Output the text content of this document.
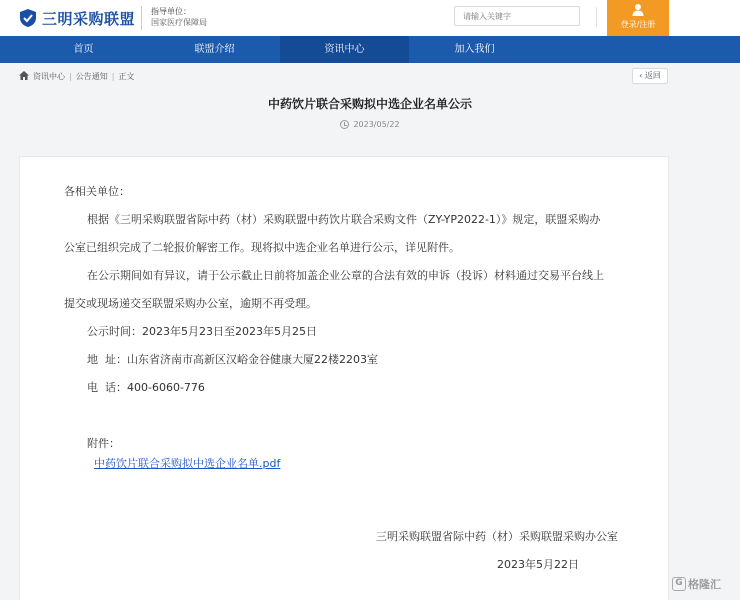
三明采购联盟 指导单位：
国家医疗保障局
请输入关键字	登录/注册
首页	联盟介绍	资讯中心	加入我们
资讯中心 | 公告通知 | 正文	‹ 返回
中药饮片联合采购拟中选企业名单公示
2023/05/22
各相关单位：
根据《三明采购联盟省际中药（材）采购联盟中药饮片联合采购文件（ZY-YP2022-1）》规定，联盟采购办
公室已组织完成了二轮报价解密工作。现将拟中选企业名单进行公示，详见附件。
在公示期间如有异议，请于公示截止日前将加盖企业公章的合法有效的申诉（投诉）材料通过交易平台线上
提交或现场递交至联盟采购办公室，逾期不再受理。
公示时间：2023年5月23日至2023年5月25日
地  址：山东省济南市高新区汉峪金谷健康大厦22楼2203室
电  话：400-6060-776
附件：
中药饮片联合采购拟中选企业名单.pdf
三明采购联盟省际中药（材）采购联盟采购办公室
2023年5月22日
G 格隆汇
